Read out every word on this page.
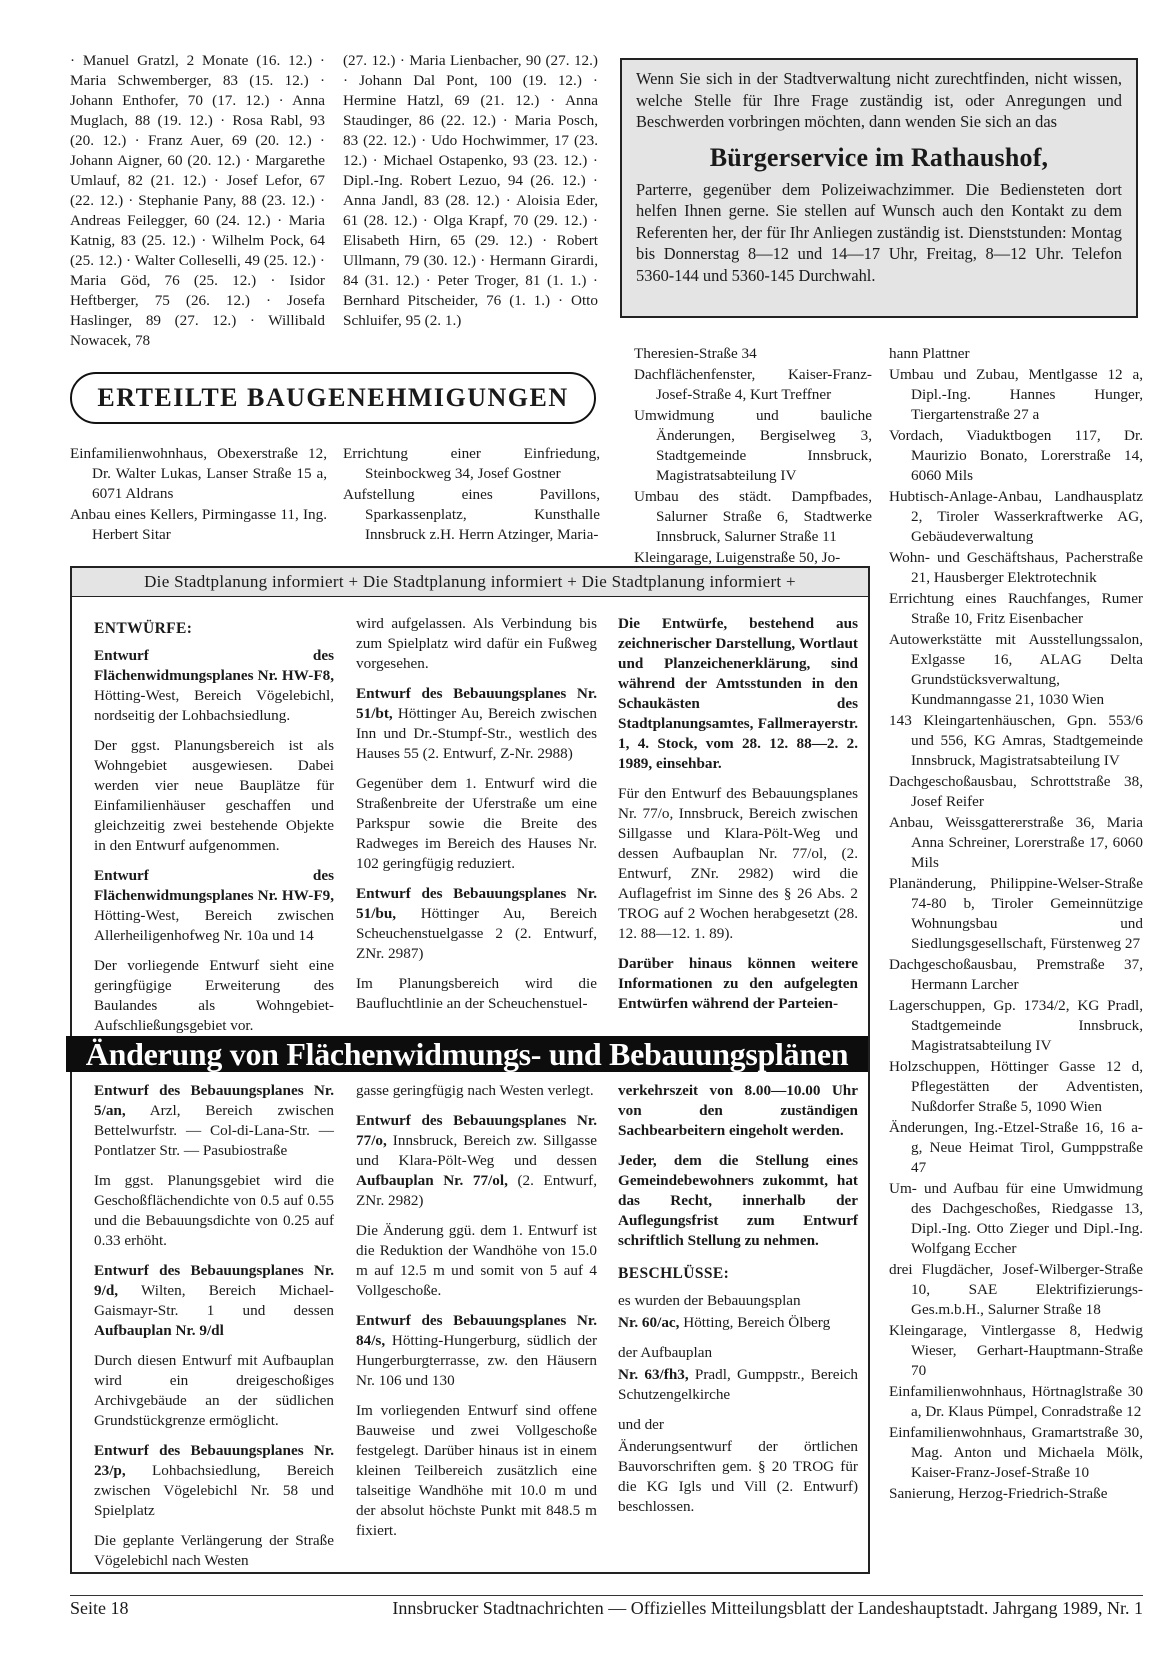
· Manuel Gratzl, 2 Monate (16. 12.) · Maria Schwemberger, 83 (15. 12.) · Johann Enthofer, 70 (17. 12.) · Anna Muglach, 88 (19. 12.) · Rosa Rabl, 93 (20. 12.) · Franz Auer, 69 (20. 12.) · Johann Aigner, 60 (20. 12.) · Margarethe Umlauf, 82 (21. 12.) · Josef Lefor, 67 (22. 12.) · Stephanie Pany, 88 (23. 12.) · Andreas Feilegger, 60 (24. 12.) · Maria Katnig, 83 (25. 12.) · Wilhelm Pock, 64 (25. 12.) · Walter Colleselli, 49 (25. 12.) · Maria Göd, 76 (25. 12.) · Isidor Heftberger, 75 (26. 12.) · Josefa Haslinger, 89 (27. 12.) · Willibald Nowacek, 78

(27. 12.) · Maria Lienbacher, 90 (27. 12.) · Johann Dal Pont, 100 (19. 12.) · Hermine Hatzl, 69 (21. 12.) · Anna Staudinger, 86 (22. 12.) · Maria Posch, 83 (22. 12.) · Udo Hochwimmer, 17 (23. 12.) · Michael Ostapenko, 93 (23. 12.) · Dipl.-Ing. Robert Lezuo, 94 (26. 12.) · Anna Jandl, 83 (28. 12.) · Aloisia Eder, 61 (28. 12.) · Olga Krapf, 70 (29. 12.) · Elisabeth Hirn, 65 (29. 12.) · Robert Ullmann, 79 (30. 12.) · Hermann Girardi, 84 (31. 12.) · Peter Troger, 81 (1. 1.) · Bernhard Pitscheider, 76 (1. 1.) · Otto Schluifer, 95 (2. 1.)

Wenn Sie sich in der Stadtverwaltung nicht zurechtfinden, nicht wissen, welche Stelle für Ihre Frage zuständig ist, oder Anregungen und Beschwerden vorbringen möchten, dann wenden Sie sich an das

Bürgerservice im Rathaushof,

Parterre, gegenüber dem Polizeiwachzimmer. Die Bediensteten dort helfen Ihnen gerne. Sie stellen auf Wunsch auch den Kontakt zu dem Referenten her, der für Ihr Anliegen zuständig ist. Dienststunden: Montag bis Donnerstag 8—12 und 14—17 Uhr, Freitag, 8—12 Uhr. Telefon 5360-144 und 5360-145 Durchwahl.

ERTEILTE BAUGENEHMIGUNGEN

Einfamilienwohnhaus, Obexerstraße 12, Dr. Walter Lukas, Lanser Straße 15 a, 6071 Aldrans

Anbau eines Kellers, Pirmingasse 11, Ing. Herbert Sitar

Errichtung einer Einfriedung, Steinbockweg 34, Josef Gostner

Aufstellung eines Pavillons, Sparkassenplatz, Kunsthalle Innsbruck z.H. Herrn Atzinger, Maria-

Theresien-Straße 34

Dachflächenfenster, Kaiser-Franz-Josef-Straße 4, Kurt Treffner

Umwidmung und bauliche Änderungen, Bergiselweg 3, Stadtgemeinde Innsbruck, Magistratsabteilung IV

Umbau des städt. Dampfbades, Salurner Straße 6, Stadtwerke Innsbruck, Salurner Straße 11

Kleingarage, Luigenstraße 50, Jo-

hann Plattner

Umbau und Zubau, Mentlgasse 12 a, Dipl.-Ing. Hannes Hunger, Tiergartenstraße 27 a

Vordach, Viaduktbogen 117, Dr. Maurizio Bonato, Lorerstraße 14, 6060 Mils

Hubtisch-Anlage-Anbau, Landhausplatz 2, Tiroler Wasserkraftwerke AG, Gebäudeverwaltung

Wohn- und Geschäftshaus, Pacherstraße 21, Hausberger Elektrotechnik

Errichtung eines Rauchfanges, Rumer Straße 10, Fritz Eisenbacher

Autowerkstätte mit Ausstellungssalon, Exlgasse 16, ALAG Delta Grundstücksverwaltung, Kundmanngasse 21, 1030 Wien

143 Kleingartenhäuschen, Gpn. 553/6 und 556, KG Amras, Stadtgemeinde Innsbruck, Magistratsabteilung IV

Dachgeschoßausbau, Schrottstraße 38, Josef Reifer

Anbau, Weissgattererstraße 36, Maria Anna Schreiner, Lorerstraße 17, 6060 Mils

Planänderung, Philippine-Welser-Straße 74-80 b, Tiroler Gemeinnützige Wohnungsbau und Siedlungsgesellschaft, Fürstenweg 27

Dachgeschoßausbau, Premstraße 37, Hermann Larcher

Lagerschuppen, Gp. 1734/2, KG Pradl, Stadtgemeinde Innsbruck, Magistratsabteilung IV

Holzschuppen, Höttinger Gasse 12 d, Pflegestätten der Adventisten, Nußdorfer Straße 5, 1090 Wien

Änderungen, Ing.-Etzel-Straße 16, 16 a-g, Neue Heimat Tirol, Gumppstraße 47

Um- und Aufbau für eine Umwidmung des Dachgeschoßes, Riedgasse 13, Dipl.-Ing. Otto Zieger und Dipl.-Ing. Wolfgang Eccher

drei Flugdächer, Josef-Wilberger-Straße 10, SAE Elektrifizierungs-Ges.m.b.H., Salurner Straße 18

Kleingarage, Vintlergasse 8, Hedwig Wieser, Gerhart-Hauptmann-Straße 70

Einfamilienwohnhaus, Hörtnaglstraße 30 a, Dr. Klaus Pümpel, Conradstraße 12

Einfamilienwohnhaus, Gramartstraße 30, Mag. Anton und Michaela Mölk, Kaiser-Franz-Josef-Straße 10

Sanierung, Herzog-Friedrich-Straße

Die Stadtplanung informiert + Die Stadtplanung informiert + Die Stadtplanung informiert +
ENTWÜRFE:

Entwurf des Flächenwidmungsplanes Nr. HW-F8, Hötting-West, Bereich Vögelebichl, nordseitig der Lohbachsiedlung.

Der ggst. Planungsbereich ist als Wohngebiet ausgewiesen. Dabei werden vier neue Bauplätze für Einfamilienhäuser geschaffen und gleichzeitig zwei bestehende Objekte in den Entwurf aufgenommen.

Entwurf des Flächenwidmungsplanes Nr. HW-F9, Hötting-West, Bereich zwischen Allerheiligenhofweg Nr. 10a und 14

Der vorliegende Entwurf sieht eine geringfügige Erweiterung des Baulandes als Wohngebiet-Aufschließungsgebiet vor.

wird aufgelassen. Als Verbindung bis zum Spielplatz wird dafür ein Fußweg vorgesehen.

Entwurf des Bebauungsplanes Nr. 51/bt, Höttinger Au, Bereich zwischen Inn und Dr.-Stumpf-Str., westlich des Hauses 55 (2. Entwurf, Z-Nr. 2988)

Gegenüber dem 1. Entwurf wird die Straßenbreite der Uferstraße um eine Parkspur sowie die Breite des Radweges im Bereich des Hauses Nr. 102 geringfügig reduziert.

Entwurf des Bebauungsplanes Nr. 51/bu, Höttinger Au, Bereich Scheuchenstuelgasse 2 (2. Entwurf, ZNr. 2987)

Im Planungsbereich wird die Baufluchtlinie an der Scheuchenstuel-

Die Entwürfe, bestehend aus zeichnerischer Darstellung, Wortlaut und Planzeichenerklärung, sind während der Amtsstunden in den Schaukästen des Stadtplanungsamtes, Fallmerayerstr. 1, 4. Stock, vom 28. 12. 88—2. 2. 1989, einsehbar.

Für den Entwurf des Bebauungsplanes Nr. 77/o, Innsbruck, Bereich zwischen Sillgasse und Klara-Pölt-Weg und dessen Aufbauplan Nr. 77/ol, (2. Entwurf, ZNr. 2982) wird die Auflagefrist im Sinne des § 26 Abs. 2 TROG auf 2 Wochen herabgesetzt (28. 12. 88—12. 1. 89).

Darüber hinaus können weitere Informationen zu den aufgelegten Entwürfen während der Parteien-

Änderung von Flächenwidmungs- und Bebauungsplänen

Entwurf des Bebauungsplanes Nr. 5/an, Arzl, Bereich zwischen Bettelwurfstr. — Col-di-Lana-Str. — Pontlatzer Str. — Pasubiostraße

Im ggst. Planungsgebiet wird die Geschoßflächendichte von 0.5 auf 0.55 und die Bebauungsdichte von 0.25 auf 0.33 erhöht.

Entwurf des Bebauungsplanes Nr. 9/d, Wilten, Bereich Michael-Gaismayr-Str. 1 und dessen Aufbauplan Nr. 9/dl

Durch diesen Entwurf mit Aufbauplan wird ein dreigeschoßiges Archivgebäude an der südlichen Grundstückgrenze ermöglicht.

Entwurf des Bebauungsplanes Nr. 23/p, Lohbachsiedlung, Bereich zwischen Vögelebichl Nr. 58 und Spielplatz

Die geplante Verlängerung der Straße Vögelebichl nach Westen

gasse geringfügig nach Westen verlegt.

Entwurf des Bebauungsplanes Nr. 77/o, Innsbruck, Bereich zw. Sillgasse und Klara-Pölt-Weg und dessen Aufbauplan Nr. 77/ol, (2. Entwurf, ZNr. 2982)

Die Änderung ggü. dem 1. Entwurf ist die Reduktion der Wandhöhe von 15.0 m auf 12.5 m und somit von 5 auf 4 Vollgeschoße.

Entwurf des Bebauungsplanes Nr. 84/s, Hötting-Hungerburg, südlich der Hungerburgterrasse, zw. den Häusern Nr. 106 und 130

Im vorliegenden Entwurf sind offene Bauweise und zwei Vollgeschoße festgelegt. Darüber hinaus ist in einem kleinen Teilbereich zusätzlich eine talseitige Wandhöhe mit 10.0 m und der absolut höchste Punkt mit 848.5 m fixiert.

verkehrszeit von 8.00—10.00 Uhr von den zuständigen Sachbearbeitern eingeholt werden.

Jeder, dem die Stellung eines Gemeindebewohners zukommt, hat das Recht, innerhalb der Auflegungsfrist zum Entwurf schriftlich Stellung zu nehmen.

BESCHLÜSSE:

es wurden der Bebauungsplan

Nr. 60/ac, Hötting, Bereich Ölberg

der Aufbauplan

Nr. 63/fh3, Pradl, Gumppstr., Bereich Schutzengelkirche

und der

Änderungsentwurf der örtlichen Bauvorschriften gem. § 20 TROG für die KG Igls und Vill (2. Entwurf) beschlossen.

Seite 18	Innsbrucker Stadtnachrichten — Offizielles Mitteilungsblatt der Landeshauptstadt. Jahrgang 1989, Nr. 1
